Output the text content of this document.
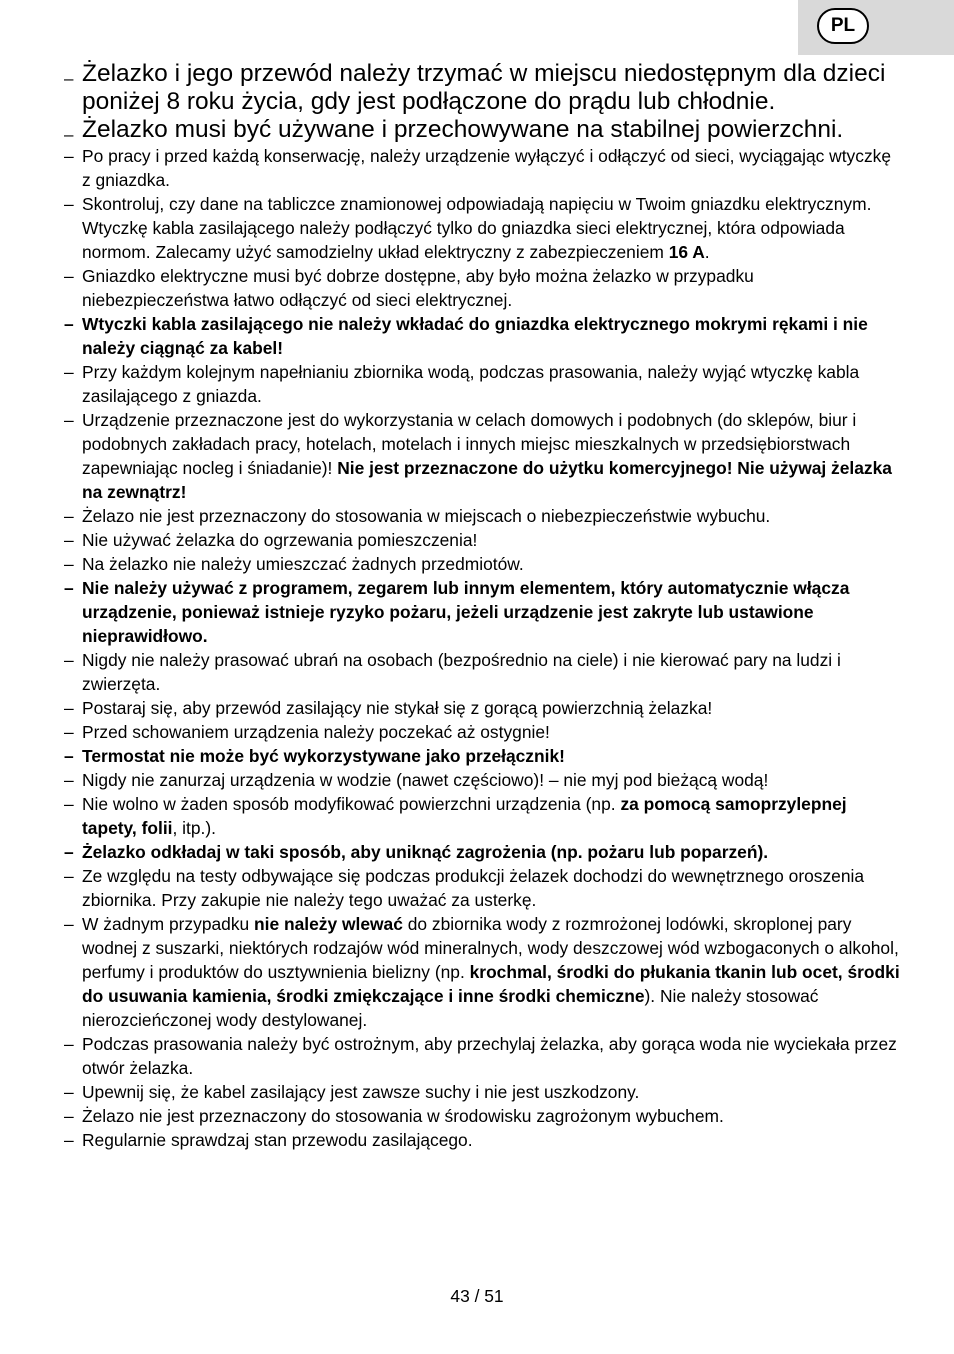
PL
– Żelazko i jego przewód należy trzymać w miejscu niedostępnym dla dzieci poniżej 8 roku życia, gdy jest podłączone do prądu lub chłodnie.
– Żelazko musi być używane i przechowywane na stabilnej powierzchni.
– Po pracy i przed każdą konserwację, należy urządzenie wyłączyć i odłączyć od sieci, wyciągając wtyczkę z gniazdka.
– Skontroluj, czy dane na tabliczce znamionowej odpowiadają napięciu w Twoim gniazdku elektrycznym. Wtyczkę kabla zasilającego należy podłączyć tylko do gniazdka sieci elektrycznej, która odpowiada normom. Zalecamy użyć samodzielny układ elektryczny z zabezpieczeniem 16 A.
– Gniazdko elektryczne musi być dobrze dostępne, aby było można żelazko w przypadku niebezpieczeństwa łatwo odłączyć od sieci elektrycznej.
– Wtyczki kabla zasilającego nie należy wkładać do gniazdka elektrycznego mokrymi rękami i nie należy ciągnąć za kabel!
– Przy każdym kolejnym napełnianiu zbiornika wodą, podczas prasowania, należy wyjąć wtyczkę kabla zasilającego z gniazda.
– Urządzenie przeznaczone jest do wykorzystania w celach domowych i podobnych (do sklepów, biur i podobnych zakładach pracy, hotelach, motelach i innych miejsc mieszkalnych w przedsiębiorstwach zapewniając nocleg i śniadanie)! Nie jest przeznaczone do użytku komercyjnego! Nie używaj żelazka na zewnątrz!
– Żelazo nie jest przeznaczony do stosowania w miejscach o niebezpieczeństwie wybuchu.
– Nie używać żelazka do ogrzewania pomieszczenia!
– Na żelazko nie należy umieszczać żadnych przedmiotów.
– Nie należy używać z programem, zegarem lub innym elementem, który automatycznie włącza urządzenie, ponieważ istnieje ryzyko pożaru, jeżeli urządzenie jest zakryte lub ustawione nieprawidłowo.
– Nigdy nie należy prasować ubrań na osobach (bezpośrednio na ciele) i nie kierować pary na ludzi i zwierzęta.
– Postaraj się, aby przewód zasilający nie stykał się z gorącą powierzchnią żelazka!
– Przed schowaniem urządzenia należy poczekać aż ostygnie!
– Termostat nie może być wykorzystywane jako przełącznik!
– Nigdy nie zanurzaj urządzenia w wodzie (nawet częściowo)! – nie myj pod bieżącą wodą!
– Nie wolno w żaden sposób modyfikować powierzchni urządzenia (np. za pomocą samoprzylepnej tapety, folii, itp.).
– Żelazko odkładaj w taki sposób, aby uniknąć zagrożenia (np. pożaru lub poparzeń).
– Ze względu na testy odbywające się podczas produkcji żelazek dochodzi do wewnętrznego oroszenia zbiornika. Przy zakupie nie należy tego uważać za usterkę.
– W żadnym przypadku nie należy wlewać do zbiornika wody z rozmrożonej lodówki, skroplonej pary wodnej z suszarki, niektórych rodzajów wód mineralnych, wody deszczowej wód wzbogaconych o alkohol, perfumy i produktów do usztywnienia bielizny (np. krochmal, środki do płukania tkanin lub ocet, środki do usuwania kamienia, środki zmiękczające i inne środki chemiczne). Nie należy stosować nierozcieńczonej wody destylowanej.
– Podczas prasowania należy być ostrożnym, aby przechylaj żelazka, aby gorąca woda nie wyciekała przez otwór żelazka.
– Upewnij się, że kabel zasilający jest zawsze suchy i nie jest uszkodzony.
– Żelazo nie jest przeznaczony do stosowania w środowisku zagrożonym wybuchem.
– Regularnie sprawdzaj stan przewodu zasilającego.
43 / 51
